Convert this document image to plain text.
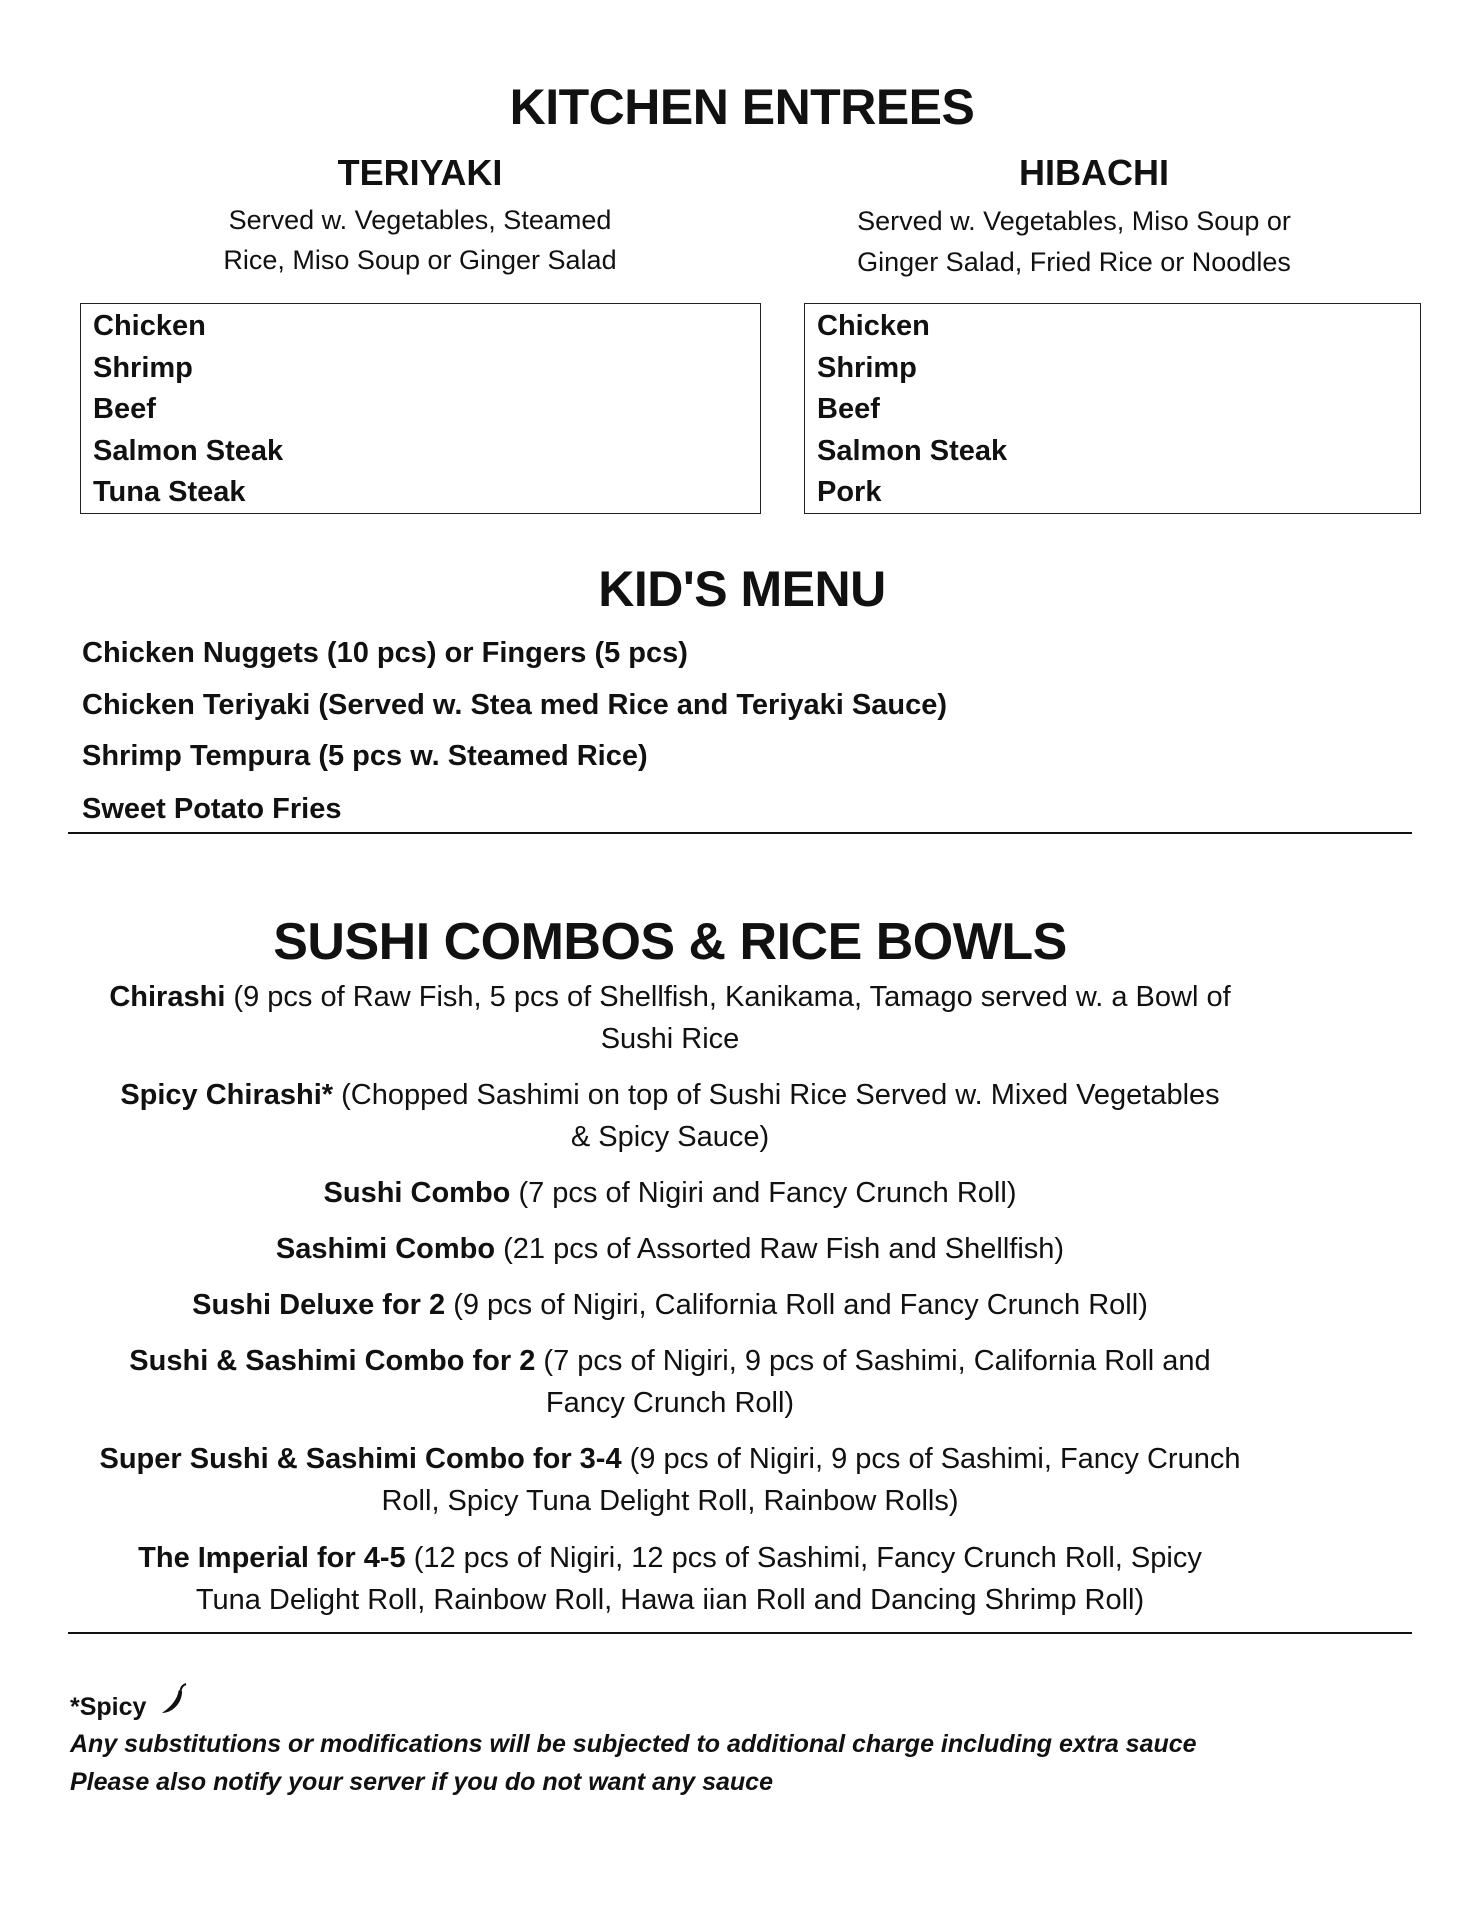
KITCHEN ENTREES
TERIYAKI
Served w. Vegetables, Steamed
Rice, Miso Soup or Ginger Salad
Chicken
Shrimp
Beef
Salmon Steak
Tuna Steak
HIBACHI
Served w. Vegetables, Miso Soup or
Ginger Salad, Fried Rice or Noodles
Chicken
Shrimp
Beef
Salmon Steak
Pork
KID'S MENU
Chicken Nuggets (10 pcs) or Fingers (5 pcs)
Chicken Teriyaki (Served w. Stea med Rice and Teriyaki Sauce)
Shrimp Tempura (5 pcs w. Steamed Rice)
Sweet Potato Fries
SUSHI COMBOS & RICE BOWLS
Chirashi (9 pcs of Raw Fish, 5 pcs of Shellfish, Kanikama, Tamago served w. a Bowl of
Sushi Rice
Spicy Chirashi* (Chopped Sashimi on top of Sushi Rice Served w. Mixed Vegetables
& Spicy Sauce)
Sushi Combo (7 pcs of Nigiri and Fancy Crunch Roll)
Sashimi Combo (21 pcs of Assorted Raw Fish and Shellfish)
Sushi Deluxe for 2 (9 pcs of Nigiri, California Roll and Fancy Crunch Roll)
Sushi & Sashimi Combo for 2 (7 pcs of Nigiri, 9 pcs of Sashimi, California Roll and
Fancy Crunch Roll)
Super Sushi & Sashimi Combo for 3-4 (9 pcs of Nigiri, 9 pcs of Sashimi, Fancy Crunch
Roll, Spicy Tuna Delight Roll, Rainbow Rolls)
The Imperial for 4-5 (12 pcs of Nigiri, 12 pcs of Sashimi, Fancy Crunch Roll, Spicy
Tuna Delight Roll, Rainbow Roll, Hawa iian Roll and Dancing Shrimp Roll)
*Spicy
Any substitutions or modifications will be subjected to additional charge including extra sauce
Please also notify your server if you do not want any sauce
